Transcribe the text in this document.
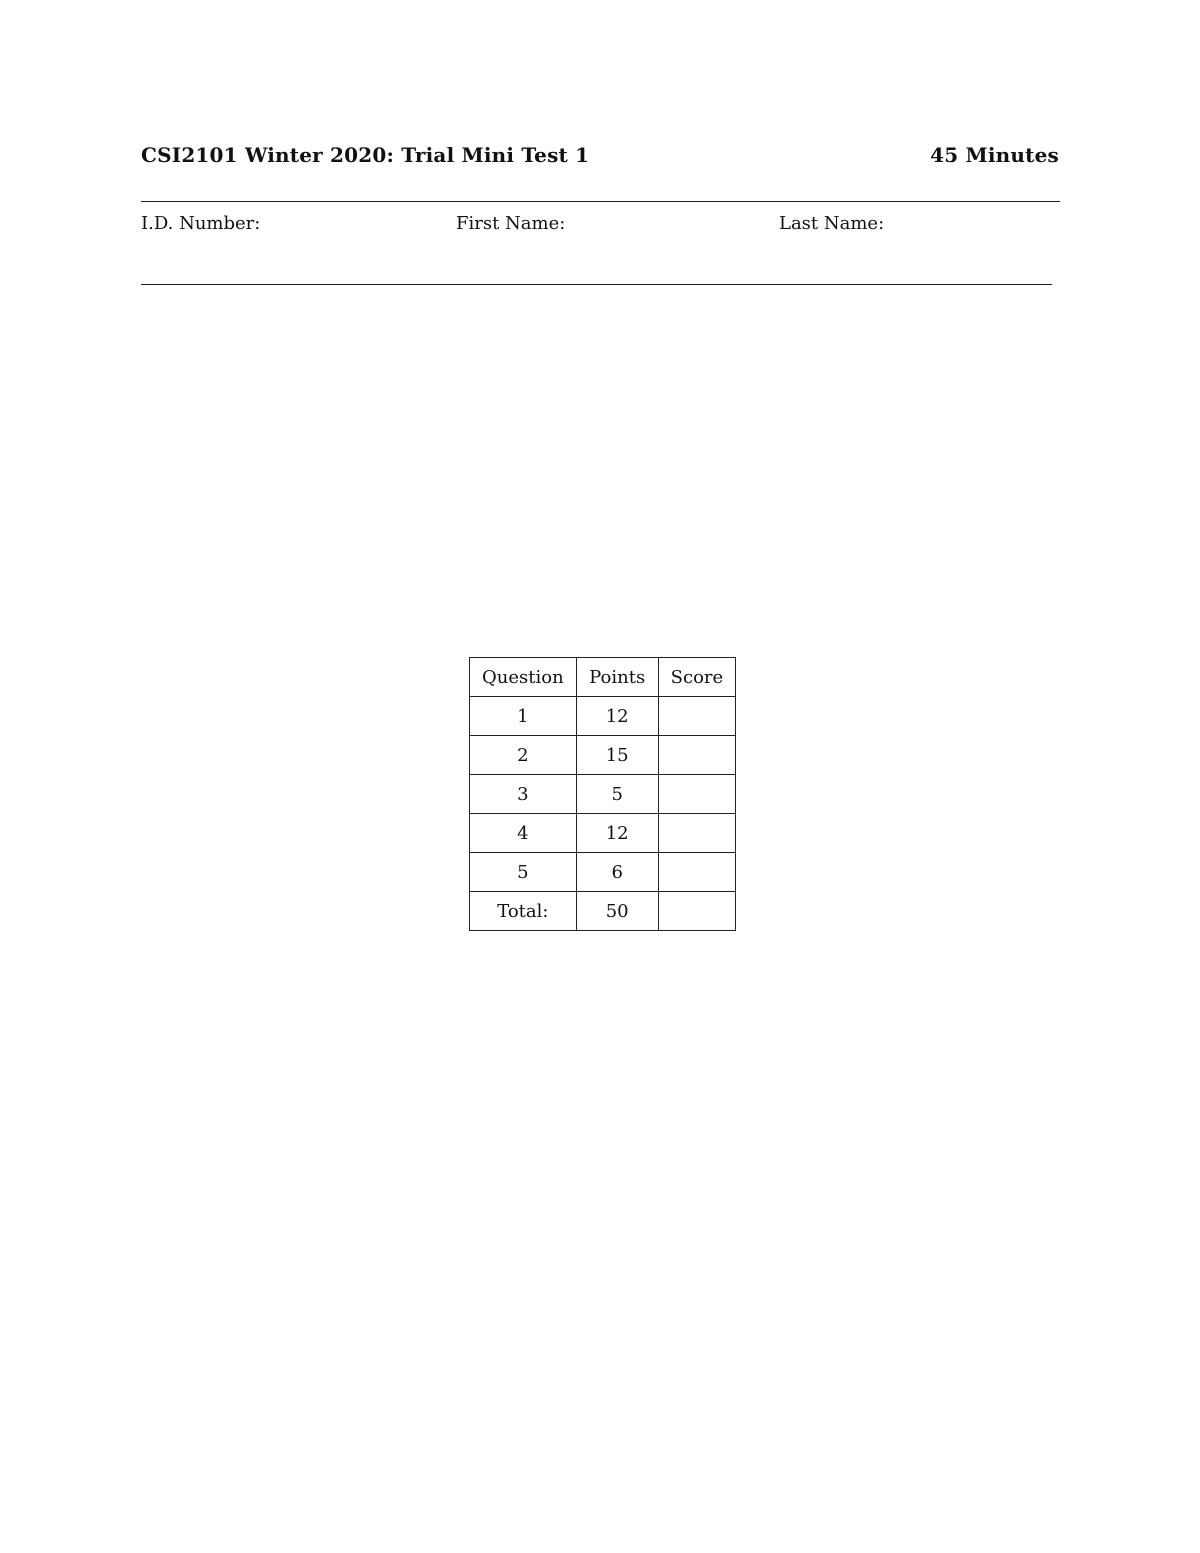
CSI2101 Winter 2020: Trial Mini Test 1	45 Minutes
I.D. Number:	First Name:	Last Name:
Question	Points	Score
1	12	
2	15	
3	5	
4	12	
5	6	
Total:	50	
